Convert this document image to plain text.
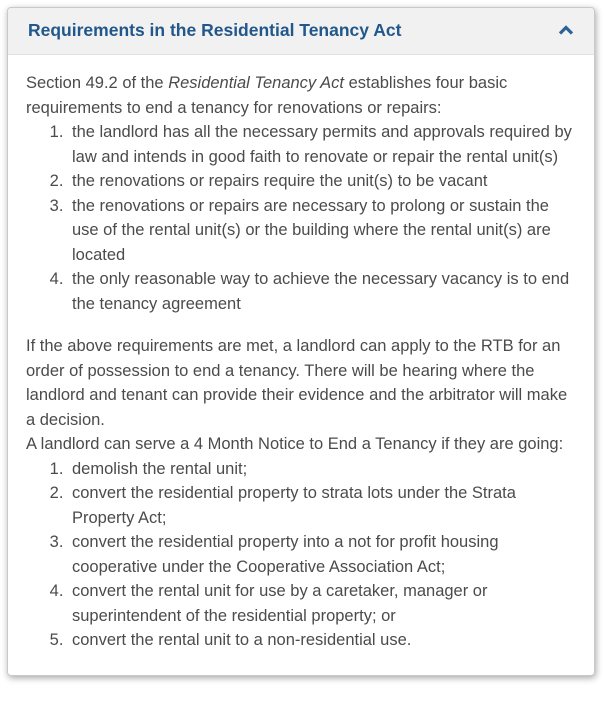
Requirements in the Residential Tenancy Act

Section 49.2 of the Residential Tenancy Act establishes four basic requirements to end a tenancy for renovations or repairs:

1. the landlord has all the necessary permits and approvals required by law and intends in good faith to renovate or repair the rental unit(s)
2. the renovations or repairs require the unit(s) to be vacant
3. the renovations or repairs are necessary to prolong or sustain the use of the rental unit(s) or the building where the rental unit(s) are located
4. the only reasonable way to achieve the necessary vacancy is to end the tenancy agreement

If the above requirements are met, a landlord can apply to the RTB for an order of possession to end a tenancy. There will be hearing where the landlord and tenant can provide their evidence and the arbitrator will make a decision.

A landlord can serve a 4 Month Notice to End a Tenancy if they are going:

1. demolish the rental unit;
2. convert the residential property to strata lots under the Strata Property Act;
3. convert the residential property into a not for profit housing cooperative under the Cooperative Association Act;
4. convert the rental unit for use by a caretaker, manager or superintendent of the residential property; or
5. convert the rental unit to a non-residential use.
